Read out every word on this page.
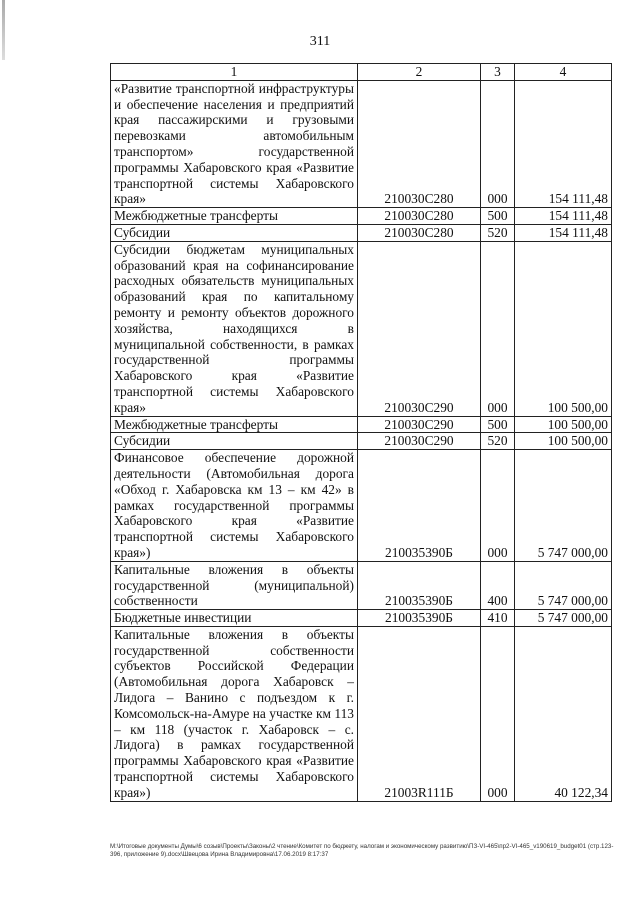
311
1	2	3	4
«Развитие транспортной инфраструктуры и обеспечение населения и предприятий края пассажирскими и грузовыми перевозками автомобильным транспортом» государственной программы Хабаровского края «Развитие транспортной системы Хабаровского края»	210030С280	000	154 111,48
Межбюджетные трансферты	210030С280	500	154 111,48
Субсидии	210030С280	520	154 111,48
Субсидии бюджетам муниципальных образований края на софинансирование расходных обязательств муниципальных образований края по капитальному ремонту и ремонту объектов дорожного хозяйства, находящихся в муниципальной собственности, в рамках государственной программы Хабаровского края «Развитие транспортной системы Хабаровского края»	210030С290	000	100 500,00
Межбюджетные трансферты	210030С290	500	100 500,00
Субсидии	210030С290	520	100 500,00
Финансовое обеспечение дорожной деятельности (Автомобильная дорога «Обход г. Хабаровска км 13 – км 42» в рамках государственной программы Хабаровского края «Развитие транспортной системы Хабаровского края»)	210035390Б	000	5 747 000,00
Капитальные вложения в объекты государственной (муниципальной) собственности	210035390Б	400	5 747 000,00
Бюджетные инвестиции	210035390Б	410	5 747 000,00
Капитальные вложения в объекты государственной собственности субъектов Российской Федерации (Автомобильная дорога Хабаровск – Лидога – Ванино с подъездом к г. Комсомольск-на-Амуре на участке км 113 – км 118 (участок г. Хабаровск – с. Лидога) в рамках государственной программы Хабаровского края «Развитие транспортной системы Хабаровского края»)	21003R111Б	000	40 122,34
M:\Итоговые документы Думы\6 созыв\Проекты\Законы\2 чтение\Комитет по бюджету, налогам и экономическому развитию\ПЗ-VI-465\пр2-VI-465_v190619_budget01 (стр.123-396, приложение 9).docx\Швецова Ирина Владимировна\17.06.2019 8:17:37
